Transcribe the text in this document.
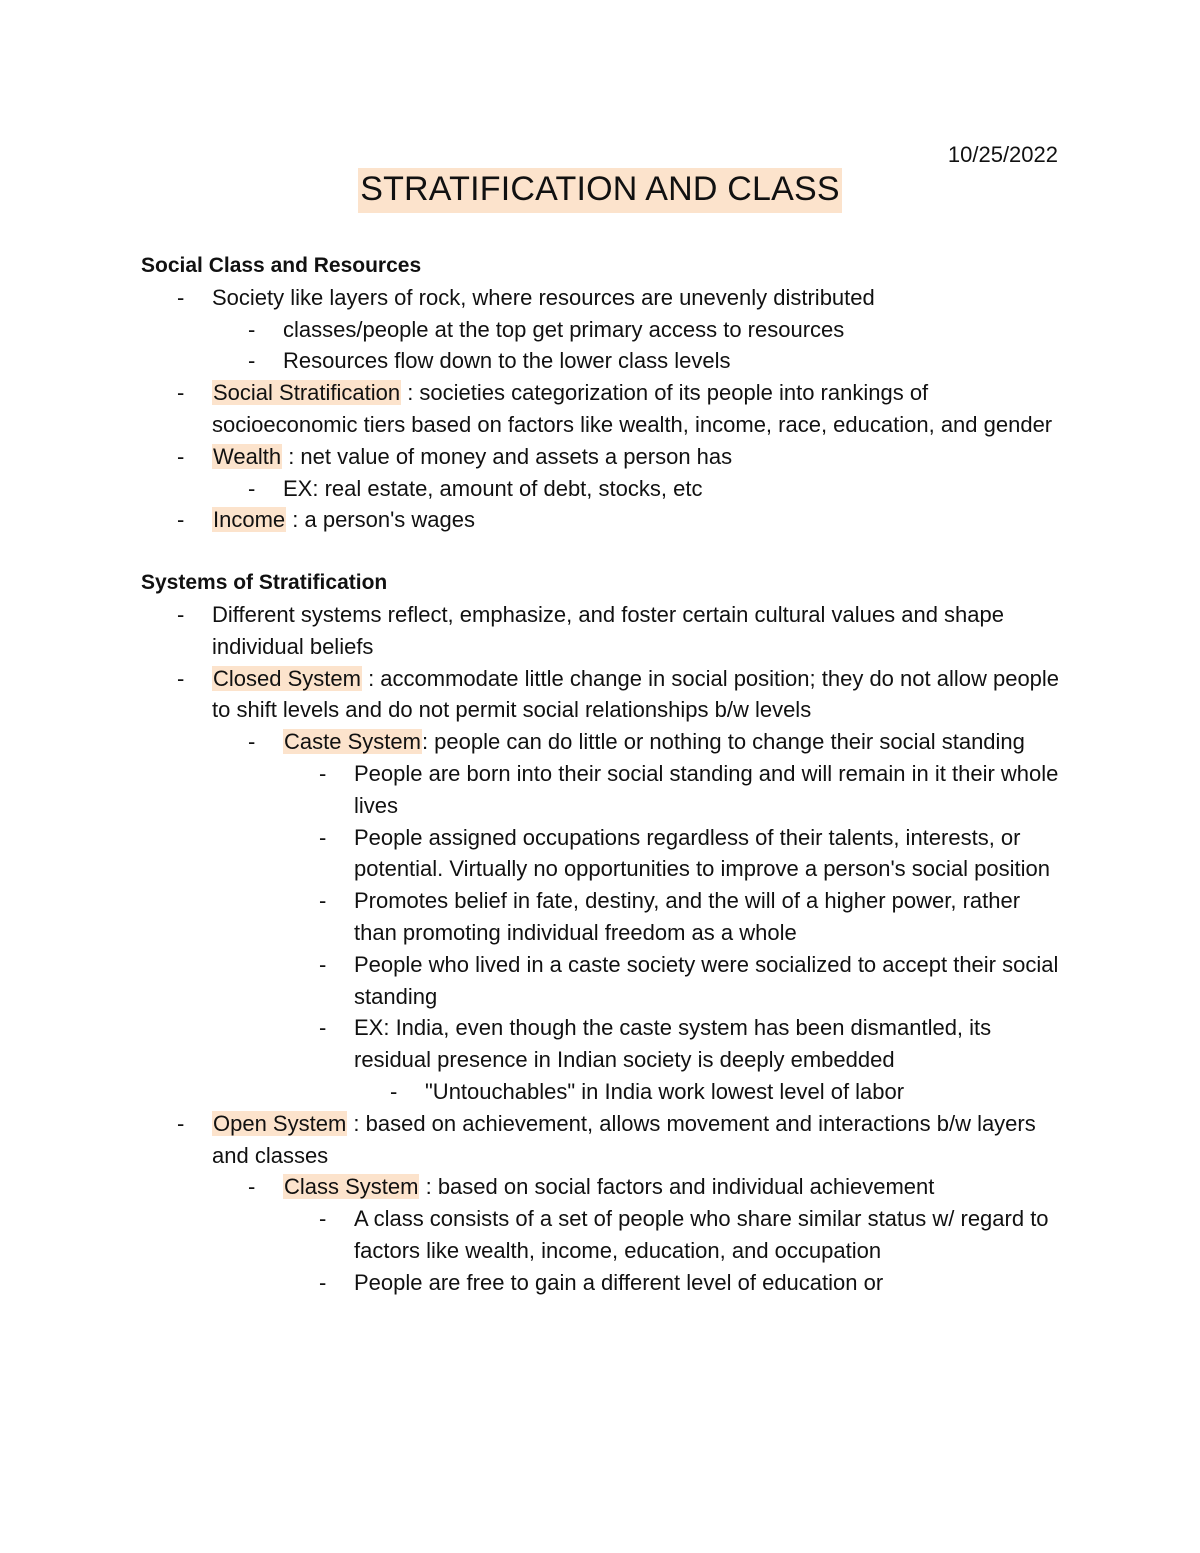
10/25/2022
STRATIFICATION AND CLASS
Social Class and Resources
- Society like layers of rock, where resources are unevenly distributed
- classes/people at the top get primary access to resources
- Resources flow down to the lower class levels
- Social Stratification : societies categorization of its people into rankings of socioeconomic tiers based on factors like wealth, income, race, education, and gender
- Wealth : net value of money and assets a person has
- EX: real estate, amount of debt, stocks, etc
- Income : a person's wages
Systems of Stratification
- Different systems reflect, emphasize, and foster certain cultural values and shape individual beliefs
- Closed System : accommodate little change in social position; they do not allow people to shift levels and do not permit social relationships b/w levels
- Caste System: people can do little or nothing to change their social standing
- People are born into their social standing and will remain in it their whole lives
- People assigned occupations regardless of their talents, interests, or potential. Virtually no opportunities to improve a person's social position
- Promotes belief in fate, destiny, and the will of a higher power, rather than promoting individual freedom as a whole
- People who lived in a caste society were socialized to accept their social standing
- EX: India, even though the caste system has been dismantled, its residual presence in Indian society is deeply embedded
- "Untouchables" in India work lowest level of labor
- Open System : based on achievement, allows movement and interactions b/w layers and classes
- Class System : based on social factors and individual achievement
- A class consists of a set of people who share similar status w/ regard to factors like wealth, income, education, and occupation
- People are free to gain a different level of education or
